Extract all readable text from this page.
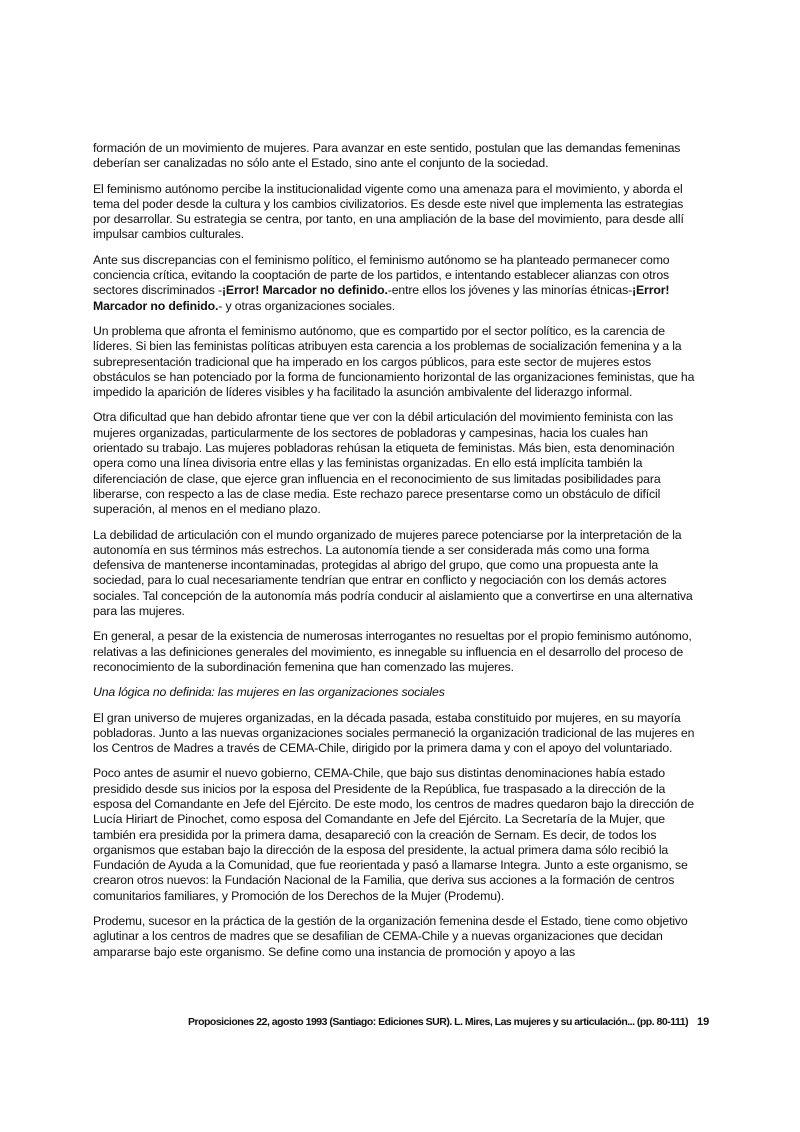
formación de un movimiento de mujeres. Para avanzar en este sentido, postulan que las demandas femeninas deberían ser canalizadas no sólo ante el Estado, sino ante el conjunto de la sociedad.

El feminismo autónomo percibe la institucionalidad vigente como una amenaza para el movimiento, y aborda el tema del poder desde la cultura y los cambios civilizatorios. Es desde este nivel que implementa las estrategias por desarrollar. Su estrategia se centra, por tanto, en una ampliación de la base del movimiento, para desde allí impulsar cambios culturales.

Ante sus discrepancias con el feminismo político, el feminismo autónomo se ha planteado permanecer como conciencia crítica, evitando la cooptación de parte de los partidos, e intentando establecer alianzas con otros sectores discriminados -¡Error! Marcador no definido.-entre ellos los jóvenes y las minorías étnicas-¡Error! Marcador no definido.- y otras organizaciones sociales.

Un problema que afronta el feminismo autónomo, que es compartido por el sector político, es la carencia de líderes. Si bien las feministas políticas atribuyen esta carencia a los problemas de socialización femenina y a la subrepresentación tradicional que ha imperado en los cargos públicos, para este sector de mujeres estos obstáculos se han potenciado por la forma de funcionamiento horizontal de las organizaciones feministas, que ha impedido la aparición de líderes visibles y ha facilitado la asunción ambivalente del liderazgo informal.

Otra dificultad que han debido afrontar tiene que ver con la débil articulación del movimiento feminista con las mujeres organizadas, particularmente de los sectores de pobladoras y campesinas, hacia los cuales han orientado su trabajo. Las mujeres pobladoras rehúsan la etiqueta de feministas. Más bien, esta denominación opera como una línea divisoria entre ellas y las feministas organizadas. En ello está implícita también la diferenciación de clase, que ejerce gran influencia en el reconocimiento de sus limitadas posibilidades para liberarse, con respecto a las de clase media. Este rechazo parece presentarse como un obstáculo de difícil superación, al menos en el mediano plazo.

La debilidad de articulación con el mundo organizado de mujeres parece potenciarse por la interpretación de la autonomía en sus términos más estrechos. La autonomía tiende a ser considerada más como una forma defensiva de mantenerse incontaminadas, protegidas al abrigo del grupo, que como una propuesta ante la sociedad, para lo cual necesariamente tendrían que entrar en conflicto y negociación con los demás actores sociales. Tal concepción de la autonomía más podría conducir al aislamiento que a convertirse en una alternativa para las mujeres.

En general, a pesar de la existencia de numerosas interrogantes no resueltas por el propio feminismo autónomo, relativas a las definiciones generales del movimiento, es innegable su influencia en el desarrollo del proceso de reconocimiento de la subordinación femenina que han comenzado las mujeres.

Una lógica no definida: las mujeres en las organizaciones sociales

El gran universo de mujeres organizadas, en la década pasada, estaba constituido por mujeres, en su mayoría pobladoras. Junto a las nuevas organizaciones sociales permaneció la organización tradicional de las mujeres en los Centros de Madres a través de CEMA-Chile, dirigido por la primera dama y con el apoyo del voluntariado.

Poco antes de asumir el nuevo gobierno, CEMA-Chile, que bajo sus distintas denominaciones había estado presidido desde sus inicios por la esposa del Presidente de la República, fue traspasado a la dirección de la esposa del Comandante en Jefe del Ejército. De este modo, los centros de madres quedaron bajo la dirección de Lucía Hiriart de Pinochet, como esposa del Comandante en Jefe del Ejército. La Secretaría de la Mujer, que también era presidida por la primera dama, desapareció con la creación de Sernam. Es decir, de todos los organismos que estaban bajo la dirección de la esposa del presidente, la actual primera dama sólo recibió la Fundación de Ayuda a la Comunidad, que fue reorientada y pasó a llamarse Integra. Junto a este organismo, se crearon otros nuevos: la Fundación Nacional de la Familia, que deriva sus acciones a la formación de centros comunitarios familiares, y Promoción de los Derechos de la Mujer (Prodemu).

Prodemu, sucesor en la práctica de la gestión de la organización femenina desde el Estado, tiene como objetivo aglutinar a los centros de madres que se desafilian de CEMA-Chile y a nuevas organizaciones que decidan ampararse bajo este organismo. Se define como una instancia de promoción y apoyo a las

Proposiciones 22, agosto 1993 (Santiago: Ediciones SUR). L. Mires, Las mujeres y su articulación... (pp. 80-111) 19
